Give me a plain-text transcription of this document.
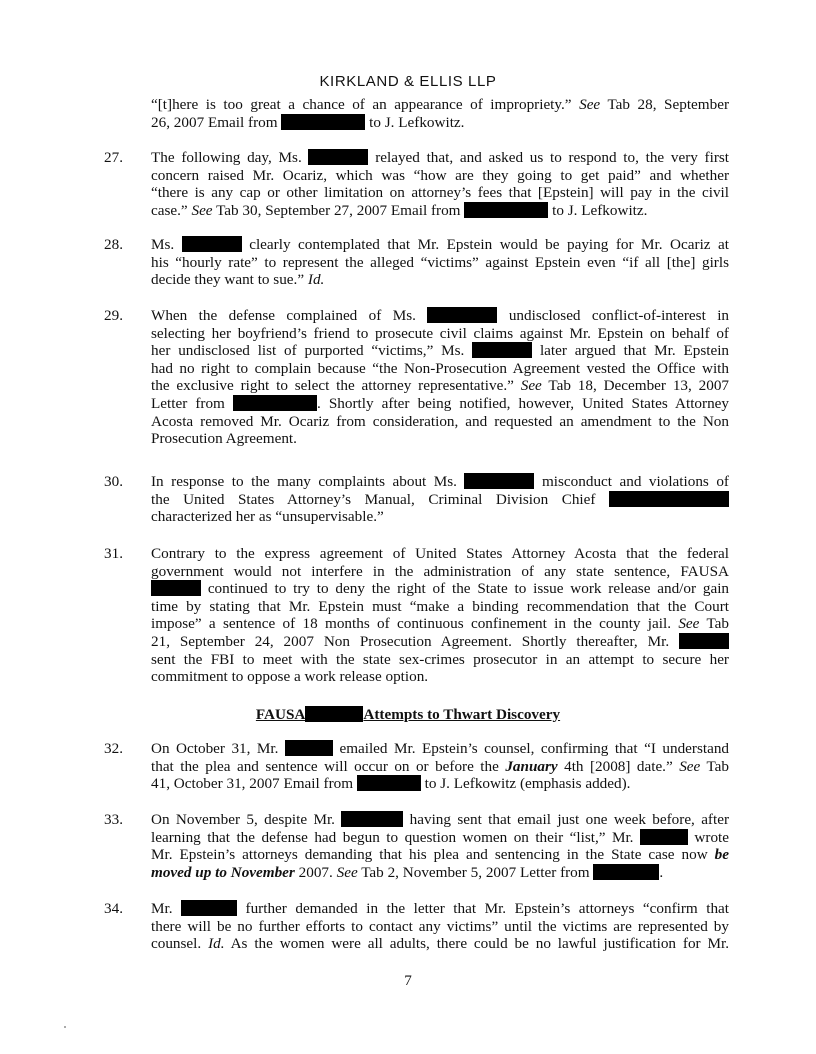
KIRKLAND & ELLIS LLP
“[t]here is too great a chance of an appearance of impropriety.” See Tab 28, September
26, 2007 Email from	to J. Lefkowitz.
27. The following day, Ms.	relayed that, and asked us to respond to, the very first
concern raised Mr. Ocariz, which was “how are they going to get paid” and whether
“there is any cap or other limitation on attorney’s fees that [Epstein] will pay in the civil
case.” See Tab 30, September 27, 2007 Email from	to J. Lefkowitz.
28. Ms.	clearly contemplated that Mr. Epstein would be paying for Mr. Ocariz at
his “hourly rate” to represent the alleged “victims” against Epstein even “if all [the] girls
decide they want to sue.” Id.
29. When the defense complained of Ms.	undisclosed conflict-of-interest in
selecting her boyfriend’s friend to prosecute civil claims against Mr. Epstein on behalf of
her undisclosed list of purported “victims,” Ms.	later argued that Mr. Epstein
had no right to complain because “the Non-Prosecution Agreement vested the Office with
the exclusive right to select the attorney representative.” See Tab 18, December 13, 2007
Letter from	. Shortly after being notified, however, United States Attorney
Acosta removed Mr. Ocariz from consideration, and requested an amendment to the Non
Prosecution Agreement.
30. In response to the many complaints about Ms.	misconduct and violations of
the United States Attorney’s Manual, Criminal Division Chief
characterized her as “unsupervisable.”
31. Contrary to the express agreement of United States Attorney Acosta that the federal
government would not interfere in the administration of any state sentence, FAUSA
continued to try to deny the right of the State to issue work release and/or gain
time by stating that Mr. Epstein must “make a binding recommendation that the Court
impose” a sentence of 18 months of continuous confinement in the county jail. See Tab
21, September 24, 2007 Non Prosecution Agreement. Shortly thereafter, Mr.
sent the FBI to meet with the state sex-crimes prosecutor in an attempt to secure her
commitment to oppose a work release option.
FAUSA	Attempts to Thwart Discovery
32. On October 31, Mr.	emailed Mr. Epstein’s counsel, confirming that “I understand
that the plea and sentence will occur on or before the January 4th [2008] date.” See Tab
41, October 31, 2007 Email from	to J. Lefkowitz (emphasis added).
33. On November 5, despite Mr.	having sent that email just one week before, after
learning that the defense had begun to question women on their “list,” Mr.	wrote
Mr. Epstein’s attorneys demanding that his plea and sentencing in the State case now be
moved up to November 2007. See Tab 2, November 5, 2007 Letter from	.
34. Mr.	further demanded in the letter that Mr. Epstein’s attorneys “confirm that
there will be no further efforts to contact any victims” until the victims are represented by
counsel. Id. As the women were all adults, there could be no lawful justification for Mr.
7
